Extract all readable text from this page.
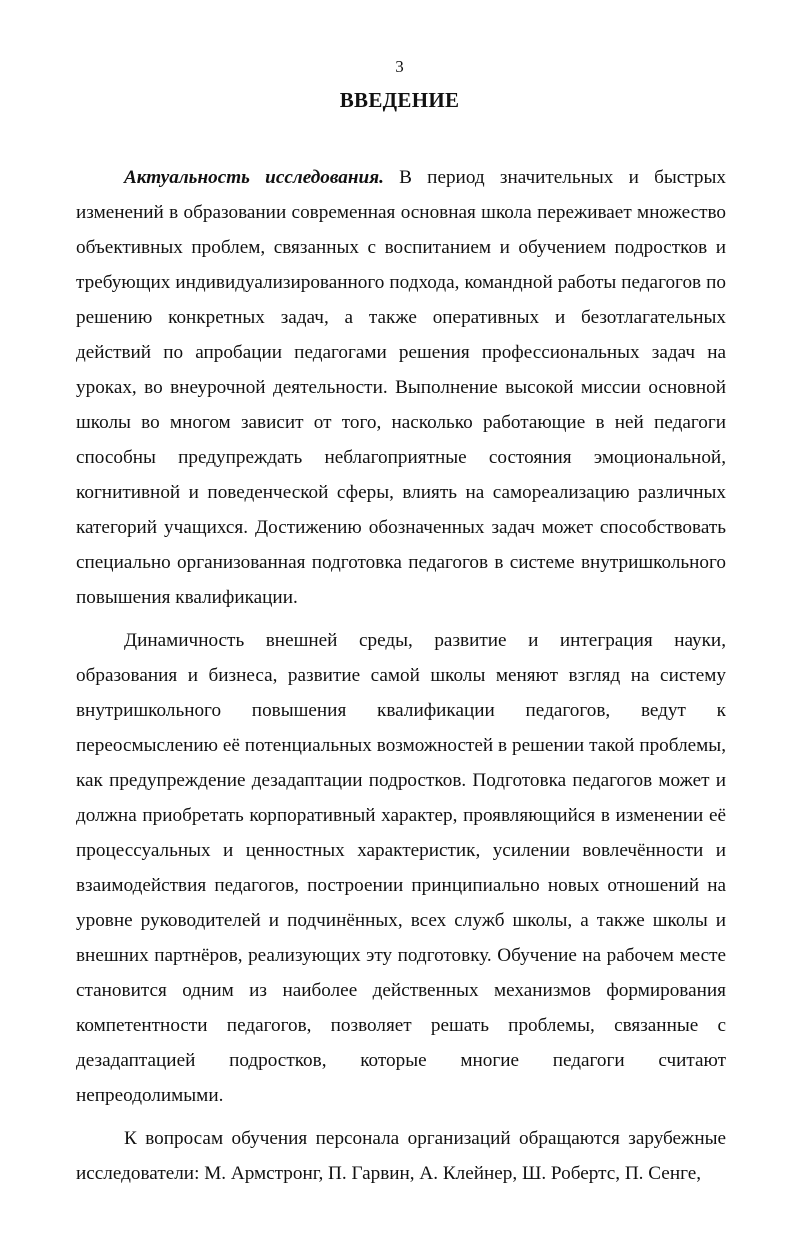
3
ВВЕДЕНИЕ

Актуальность исследования. В период значительных и быстрых изменений в образовании современная основная школа переживает множество объективных проблем, связанных с воспитанием и обучением подростков и требующих индивидуализированного подхода, командной работы педагогов по решению конкретных задач, а также оперативных и безотлагательных действий по апробации педагогами решения профессиональных задач на уроках, во внеурочной деятельности. Выполнение высокой миссии основной школы во многом зависит от того, насколько работающие в ней педагоги способны предупреждать неблагоприятные состояния эмоциональной, когнитивной и поведенческой сферы, влиять на самореализацию различных категорий учащихся. Достижению обозначенных задач может способствовать специально организованная подготовка педагогов в системе внутришкольного повышения квалификации.

Динамичность внешней среды, развитие и интеграция науки, образования и бизнеса, развитие самой школы меняют взгляд на систему внутришкольного повышения квалификации педагогов, ведут к переосмыслению её потенциальных возможностей в решении такой проблемы, как предупреждение дезадаптации подростков. Подготовка педагогов может и должна приобретать корпоративный характер, проявляющийся в изменении её процессуальных и ценностных характеристик, усилении вовлечённости и взаимодействия педагогов, построении принципиально новых отношений на уровне руководителей и подчинённых, всех служб школы, а также школы и внешних партнёров, реализующих эту подготовку. Обучение на рабочем месте становится одним из наиболее действенных механизмов формирования компетентности педагогов, позволяет решать проблемы, связанные с дезадаптацией подростков, которые многие педагоги считают непреодолимыми.

К вопросам обучения персонала организаций обращаются зарубежные исследователи: М. Армстронг, П. Гарвин, А. Клейнер, Ш. Робертс, П. Сенге,
